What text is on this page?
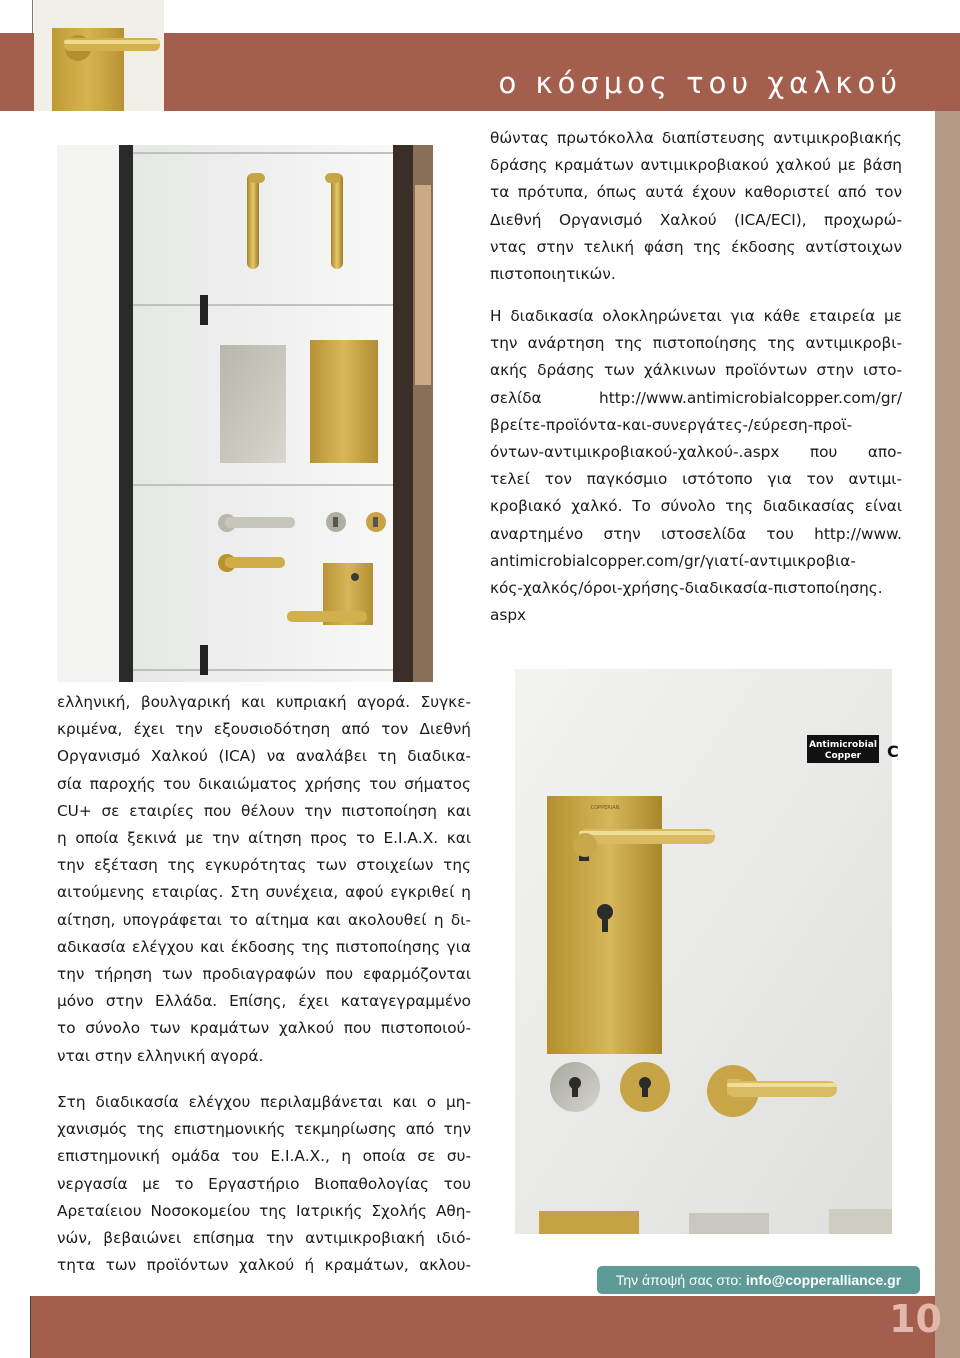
ο κόσμος του χαλκού
θώντας πρωτόκολλα διαπίστευσης αντιμικροβιακής
δράσης κραμάτων αντιμικροβιακού χαλκού με βάση
τα πρότυπα, όπως αυτά έχουν καθοριστεί από τον
Διεθνή Οργανισμό Χαλκού (ICA/ECI), προχωρώ-
ντας στην τελική φάση της έκδοσης αντίστοιχων
πιστοποιητικών.
Η διαδικασία ολοκληρώνεται για κάθε εταιρεία με
την ανάρτηση της πιστοποίησης της αντιμικροβι-
ακής δράσης των χάλκινων προϊόντων στην ιστο-
σελίδα http://www.antimicrobialcopper.com/gr/
βρείτε-προϊόντα-και-συνεργάτες-/εύρεση-προϊ-
όντων-αντιμικροβιακού-χαλκού-.aspx που απο-
τελεί τον παγκόσμιο ιστότοπο για τον αντιμι-
κροβιακό χαλκό. Το σύνολο της διαδικασίας είναι
αναρτημένο στην ιστοσελίδα του http://www.
antimicrobialcopper.com/gr/γιατί-αντιμικροβια-
κός-χαλκός/όροι-χρήσης-διαδικασία-πιστοποίησης.
aspx
ελληνική, βουλγαρική και κυπριακή αγορά. Συγκε-
κριμένα, έχει την εξουσιοδότηση από τον Διεθνή
Οργανισμό Χαλκού (ICA) να αναλάβει τη διαδικα-
σία παροχής του δικαιώματος χρήσης του σήματος
CU+ σε εταιρίες που θέλουν την πιστοποίηση και
η οποία ξεκινά με την αίτηση προς το Ε.Ι.Α.Χ. και
την εξέταση της εγκυρότητας των στοιχείων της
αιτούμενης εταιρίας. Στη συνέχεια, αφού εγκριθεί η
αίτηση, υπογράφεται το αίτημα και ακολουθεί η δι-
αδικασία ελέγχου και έκδοσης της πιστοποίησης για
την τήρηση των προδιαγραφών που εφαρμόζονται
μόνο στην Ελλάδα. Επίσης, έχει καταγεγραμμένο
το σύνολο των κραμάτων χαλκού που πιστοποιού-
νται στην ελληνική αγορά.
Στη διαδικασία ελέγχου περιλαμβάνεται και ο μη-
χανισμός της επιστημονικής τεκμηρίωσης από την
επιστημονική ομάδα του Ε.Ι.Α.Χ., η οποία σε συ-
νεργασία με το Εργαστήριο Βιοπαθολογίας του
Αρεταίειου Νοσοκομείου της Ιατρικής Σχολής Αθη-
νών, βεβαιώνει επίσημα την αντιμικροβιακή ιδιό-
τητα των προϊόντων χαλκού ή κραμάτων, ακλου-
Antimicrobial
Copper C
COPPERIAN
Την άποψή σας στο: info@copperalliance.gr
10
